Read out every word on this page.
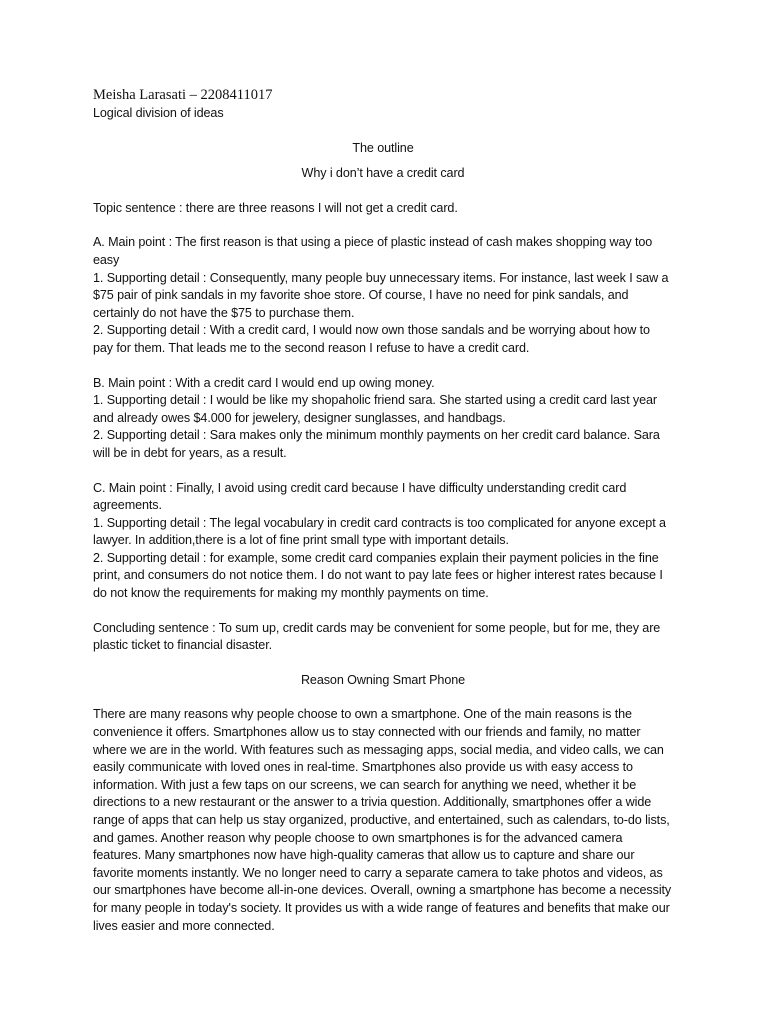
Meisha Larasati – 2208411017

Logical division of ideas

The outline

Why i don’t have a credit card

Topic sentence : there are three reasons I will not get a credit card.

A. Main point : The first reason is that using a piece of plastic instead of cash makes shopping way too easy

1. Supporting detail : Consequently, many people buy unnecessary items. For instance, last week I saw a $75 pair of pink sandals in my favorite shoe store. Of course, I have no need for pink sandals, and certainly do not have the $75 to purchase them.

2. Supporting detail : With a credit card, I would now own those sandals and be worrying about how to pay for them. That leads me to the second reason I refuse to have a credit card.

B. Main point : With a credit card I would end up owing money.

1. Supporting detail : I would be like my shopaholic friend sara. She started using a credit card last year and already owes $4.000 for jewelery, designer sunglasses, and handbags.

2. Supporting detail : Sara makes only the minimum monthly payments on her credit card balance. Sara will be in debt for years, as a result.

C. Main point : Finally, I avoid using credit card because I have difficulty understanding credit card agreements.

1. Supporting detail : The legal vocabulary in credit card contracts is too complicated for anyone except a lawyer. In addition,there is a lot of fine print small type with important details.

2. Supporting detail : for example, some credit card companies explain their payment policies in the fine print, and consumers do not notice them. I do not want to pay late fees or higher interest rates because I do not know the requirements for making my monthly payments on time.

Concluding sentence : To sum up, credit cards may be convenient for some people, but for me, they are plastic ticket to financial disaster.

Reason Owning Smart Phone

There are many reasons why people choose to own a smartphone. One of the main reasons is the convenience it offers. Smartphones allow us to stay connected with our friends and family, no matter where we are in the world. With features such as messaging apps, social media, and video calls, we can easily communicate with loved ones in real-time. Smartphones also provide us with easy access to information. With just a few taps on our screens, we can search for anything we need, whether it be directions to a new restaurant or the answer to a trivia question. Additionally, smartphones offer a wide range of apps that can help us stay organized, productive, and entertained, such as calendars, to-do lists, and games. Another reason why people choose to own smartphones is for the advanced camera features. Many smartphones now have high-quality cameras that allow us to capture and share our favorite moments instantly. We no longer need to carry a separate camera to take photos and videos, as our smartphones have become all-in-one devices. Overall, owning a smartphone has become a necessity for many people in today's society. It provides us with a wide range of features and benefits that make our lives easier and more connected.
